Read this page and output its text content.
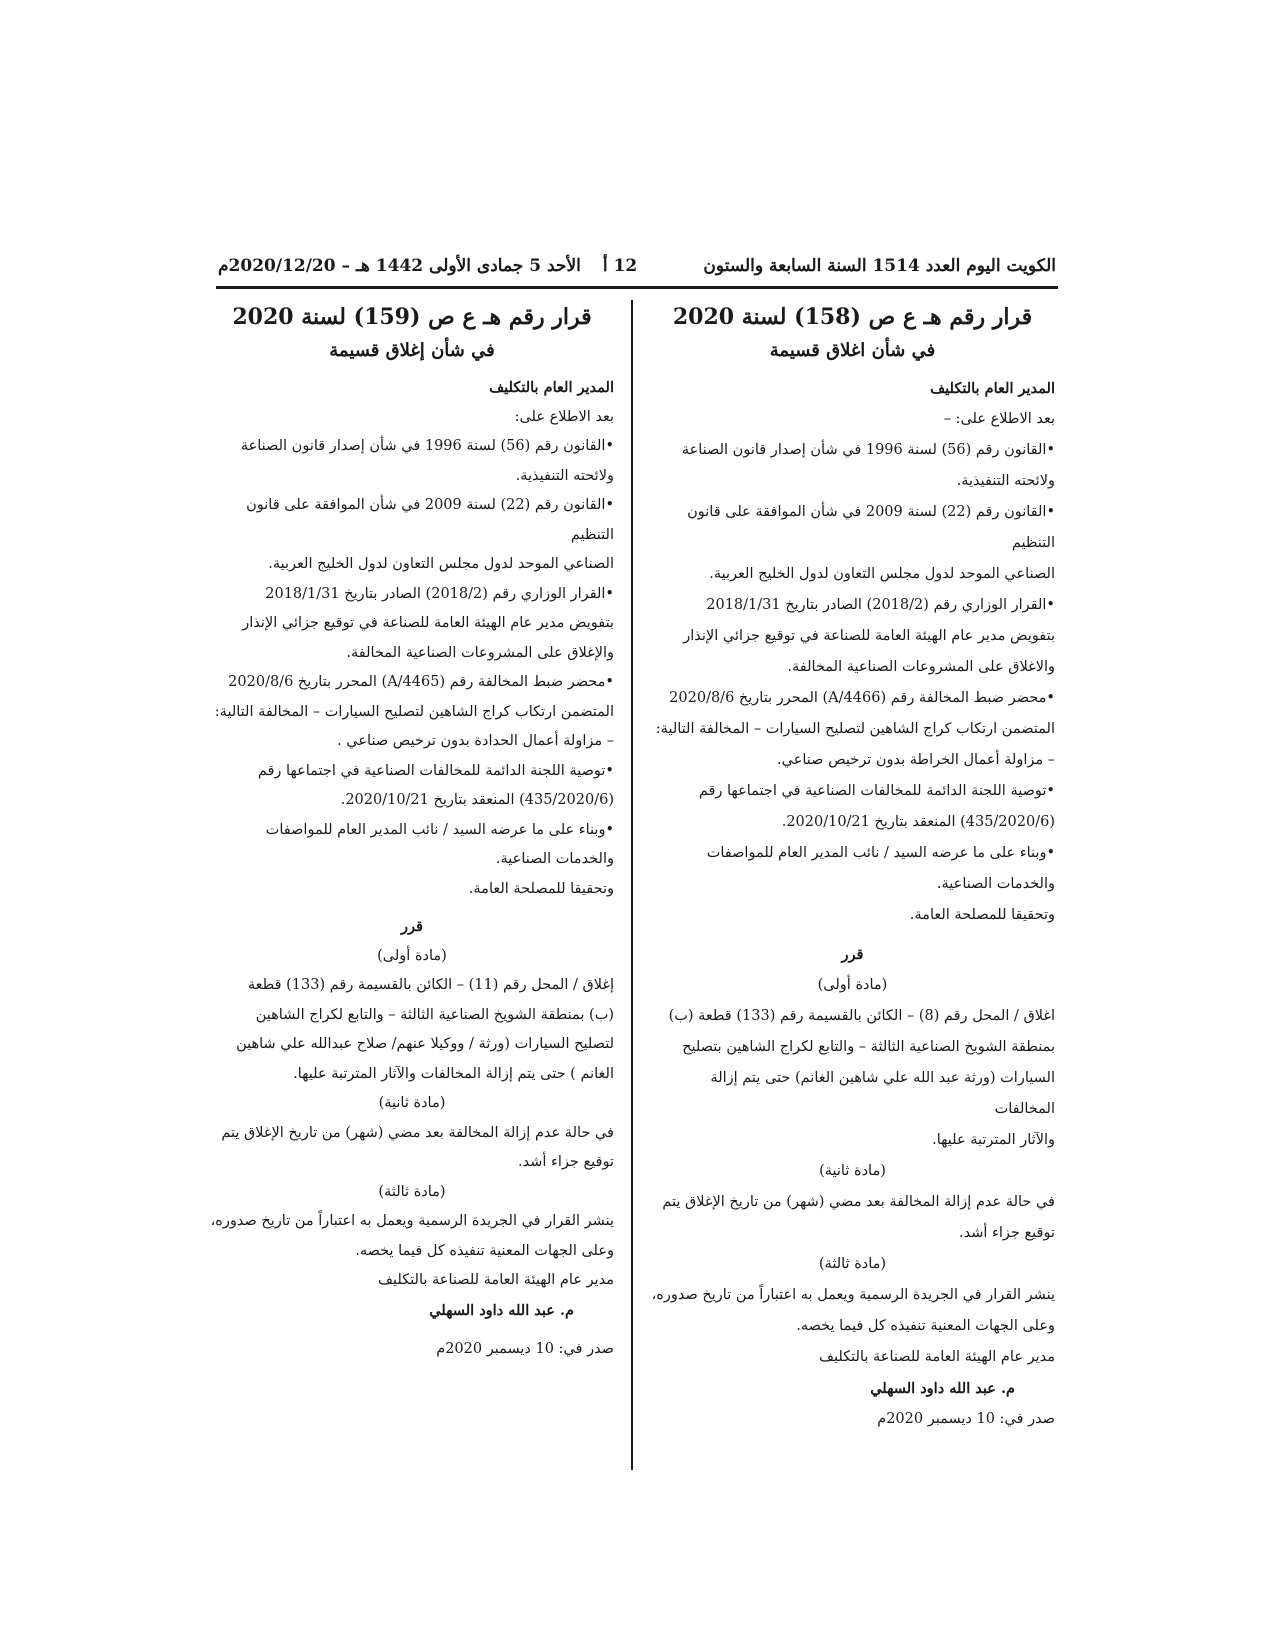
الكويت اليوم العدد 1514 السنة السابعة والستون
12 أ
الأحد 5 جمادى الأولى 1442 هـ – 2020/12/20م
قرار رقم هـ ع ص (158) لسنة 2020
في شأن اغلاق قسيمة
المدير العام بالتكليف
بعد الاطلاع على: –
•القانون رقم (56) لسنة 1996 في شأن إصدار قانون الصناعة
ولائحته التنفيذية.
•القانون رقم (22) لسنة 2009 في شأن الموافقة على قانون التنظيم
الصناعي الموحد لدول مجلس التعاون لدول الخليج العربية.
•القرار الوزاري رقم (2018/2) الصادر بتاريخ 2018/1/31
بتفويض مدير عام الهيئة العامة للصناعة في توقيع جزائي الإنذار
والاغلاق على المشروعات الصناعية المخالفة.
•محضر ضبط المخالفة رقم (A/4466) المحرر بتاريخ 2020/8/6
المتضمن ارتكاب كراج الشاهين لتصليح السيارات – المخالفة التالية:
– مزاولة أعمال الخراطة بدون ترخيص صناعي.
•توصية اللجنة الدائمة للمخالفات الصناعية في اجتماعها رقم
(435/2020/6) المنعقد بتاريخ 2020/10/21.
•وبناء على ما عرضه السيد / نائب المدير العام للمواصفات
والخدمات الصناعية.
وتحقيقا للمصلحة العامة.
قرر
(مادة أولى)
اغلاق / المحل رقم (8) – الكائن بالقسيمة رقم (133) قطعة (ب)
بمنطقة الشويخ الصناعية الثالثة – والتابع لكراج الشاهين بتصليح
السيارات (ورثة عبد الله علي شاهين الغانم) حتى يتم إزالة المخالفات
والآثار المترتبة عليها.
(مادة ثانية)
في حالة عدم إزالة المخالفة بعد مضي (شهر) من تاريخ الإغلاق يتم
توقيع جزاء أشد.
(مادة ثالثة)
ينشر القرار في الجريدة الرسمية ويعمل به اعتباراً من تاريخ صدوره،
وعلى الجهات المعنية تنفيذه كل فيما يخصه.
مدير عام الهيئة العامة للصناعة بالتكليف
م. عبد الله داود السهلي
صدر في: 10 ديسمبر 2020م
قرار رقم هـ ع ص (159) لسنة 2020
في شأن إغلاق قسيمة
المدير العام بالتكليف
بعد الاطلاع على:
•القانون رقم (56) لسنة 1996 في شأن إصدار قانون الصناعة
ولائحته التنفيذية.
•القانون رقم (22) لسنة 2009 في شأن الموافقة على قانون التنظيم
الصناعي الموحد لدول مجلس التعاون لدول الخليج العربية.
•القرار الوزاري رقم (2018/2) الصادر بتاريخ 2018/1/31
بتفويض مدير عام الهيئة العامة للصناعة في توقيع جزائي الإنذار
والإغلاق على المشروعات الصناعية المخالفة.
•محضر ضبط المخالفة رقم (A/4465) المحرر بتاريخ 2020/8/6
المتضمن ارتكاب كراج الشاهين لتصليح السيارات – المخالفة التالية:
– مزاولة أعمال الحدادة بدون ترخيص صناعي .
•توصية اللجنة الدائمة للمخالفات الصناعية في اجتماعها رقم
(435/2020/6) المنعقد بتاريخ 2020/10/21.
•وبناء على ما عرضه السيد / نائب المدير العام للمواصفات
والخدمات الصناعية.
وتحقيقا للمصلحة العامة.
قرر
(مادة أولى)
إغلاق / المحل رقم (11) – الكائن بالقسيمة رقم (133) قطعة
(ب) بمنطقة الشويخ الصناعية الثالثة – والتابع لكراج الشاهين
لتصليح السيارات (ورثة / ووكيلا عنهم/ صلاح عبدالله علي شاهين
الغانم ) حتى يتم إزالة المخالفات والآثار المترتبة عليها.
(مادة ثانية)
في حالة عدم إزالة المخالفة بعد مضي (شهر) من تاريخ الإغلاق يتم
توقيع جزاء أشد.
(مادة ثالثة)
ينشر القرار في الجريدة الرسمية ويعمل به اعتباراً من تاريخ صدوره،
وعلى الجهات المعنية تنفيذه كل فيما يخصه.
مدير عام الهيئة العامة للصناعة بالتكليف
م. عبد الله داود السهلي
صدر في: 10 ديسمبر 2020م
